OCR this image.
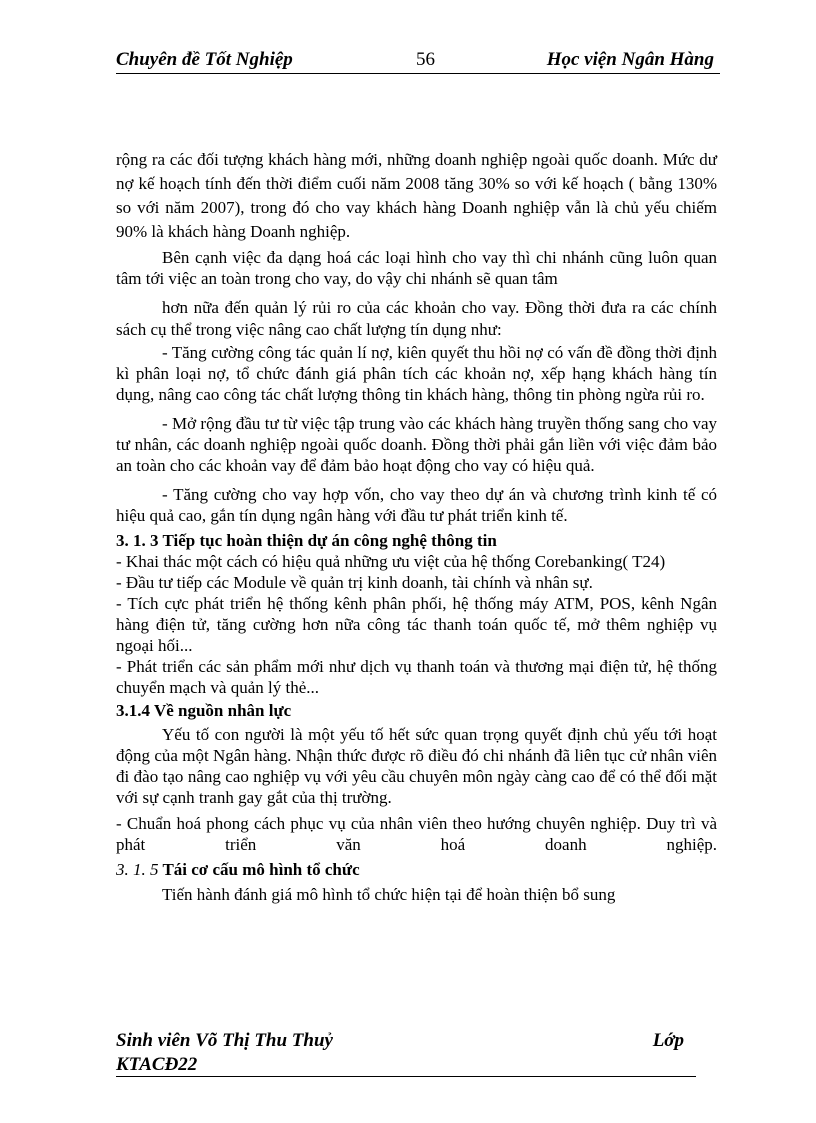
Chuyên đề Tốt Nghiệp	56	Học viện Ngân Hàng

rộng ra các đối tượng khách hàng mới, những doanh nghiệp ngoài quốc doanh. Mức dư nợ kế hoạch tính đến thời điểm cuối năm 2008 tăng 30% so với kế hoạch ( bằng 130% so với năm 2007), trong đó cho vay khách hàng Doanh nghiệp vẫn là chủ yếu chiếm 90% là khách hàng Doanh nghiệp.

Bên cạnh việc đa dạng hoá các loại hình cho vay thì chi nhánh cũng luôn quan tâm tới việc an toàn trong cho vay, do vậy chi nhánh sẽ quan tâm

hơn nữa đến quản lý rủi ro của các khoản cho vay. Đồng thời đưa ra các chính sách cụ thể trong việc nâng cao chất lượng tín dụng như:

- Tăng cường công tác quản lí nợ, kiên quyết thu hồi nợ có vấn đề đồng thời định kì phân loại nợ, tổ chức đánh giá phân tích các khoản nợ, xếp hạng khách hàng tín dụng, nâng cao công tác chất lượng thông tin khách hàng, thông tin phòng ngừa rủi ro.

- Mở rộng đầu tư từ việc tập trung vào các khách hàng truyền thống sang cho vay tư nhân, các doanh nghiệp ngoài quốc doanh. Đồng thời phải gắn liền với việc đảm bảo an toàn cho các khoản vay để đảm bảo hoạt động cho vay có hiệu quả.

- Tăng cường cho vay hợp vốn, cho vay theo dự án và chương trình kinh tế có hiệu quả cao, gắn tín dụng ngân hàng với đầu tư phát triển kinh tế.

3. 1. 3 Tiếp tục hoàn thiện dự án công nghệ thông tin

- Khai thác một cách có hiệu quả những ưu việt của hệ thống Corebanking( T24)

- Đầu tư tiếp các Module về quản trị kinh doanh, tài chính và nhân sự.

- Tích cực phát triển hệ thống kênh phân phối, hệ thống máy ATM, POS, kênh Ngân hàng điện tử, tăng cường hơn nữa công tác thanh toán quốc tế, mở thêm nghiệp vụ ngoại hối...

- Phát triển các sản phẩm mới như dịch vụ thanh toán và thương mại điện tử, hệ thống chuyển mạch và quản lý thẻ...

3.1.4 Về nguồn nhân lực

Yếu tố con người là một yếu tố hết sức quan trọng quyết định chủ yếu tới hoạt động của một Ngân hàng. Nhận thức được rõ điều đó chi nhánh đã liên tục cử nhân viên đi đào tạo nâng cao nghiệp vụ với yêu cầu chuyên môn ngày càng cao để có thể đối mặt với sự cạnh tranh gay gắt của thị trường.

- Chuẩn hoá phong cách phục vụ của nhân viên theo hướng chuyên nghiệp. Duy trì và phát triển văn hoá doanh nghiệp.

3. 1. 5 Tái cơ cấu mô hình tổ chức

Tiến hành đánh giá mô hình tổ chức hiện tại để hoàn thiện bổ sung

Sinh viên Võ Thị Thu Thuỷ	Lớp
KTACĐ22
